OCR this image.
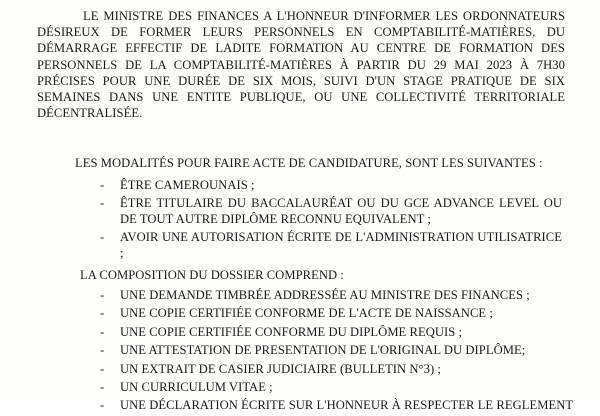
LE MINISTRE DES FINANCES A L'HONNEUR D'INFORMER LES ORDONNATEURS DÉSIREUX DE FORMER LEURS PERSONNELS EN COMPTABILITÉ-MATIÈRES, DU DÉMARRAGE EFFECTIF DE LADITE FORMATION AU CENTRE DE FORMATION DES PERSONNELS DE LA COMPTABILITÉ-MATIÈRES À PARTIR DU 29 MAI 2023 À 7H30 PRÉCISES POUR UNE DURÉE DE SIX MOIS, SUIVI D'UN STAGE PRATIQUE DE SIX SEMAINES DANS UNE ENTITE PUBLIQUE, OU UNE COLLECTIVITÉ TERRITORIALE DÉCENTRALISÉE.

LES MODALITÉS POUR FAIRE ACTE DE CANDIDATURE, SONT LES SUIVANTES :

- ÊTRE CAMEROUNAIS ;
- ÊTRE TITULAIRE DU BACCALAURÉAT OU DU GCE ADVANCE LEVEL OU DE TOUT AUTRE DIPLÔME RECONNU EQUIVALENT ;
- AVOIR UNE AUTORISATION ÉCRITE DE L'ADMINISTRATION UTILISATRICE ;

LA COMPOSITION DU DOSSIER COMPREND :

- UNE DEMANDE TIMBRÉE ADDRESSÉE AU MINISTRE DES FINANCES ;
- UNE COPIE CERTIFIÉE CONFORME DE L'ACTE DE NAISSANCE ;
- UNE COPIE CERTIFIÉE CONFORME DU DIPLÔME REQUIS ;
- UNE ATTESTATION DE PRESENTATION DE L'ORIGINAL DU DIPLÔME;
- UN EXTRAIT DE CASIER JUDICIAIRE (BULLETIN N°3) ;
- UN CURRICULUM VITAE ;
- UNE DÉCLARATION ÉCRITE SUR L'HONNEUR À RESPECTER LE REGLEMENT
